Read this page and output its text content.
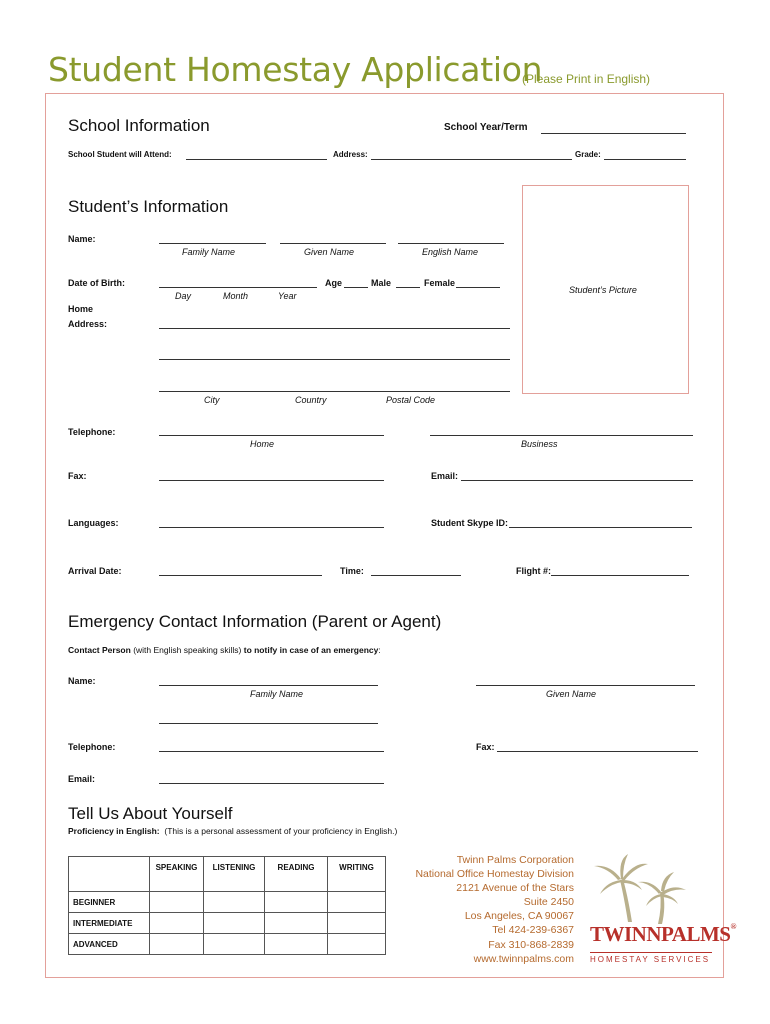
Student Homestay Application
(Please Print in English)
School Information	School Year/Term
School Student will Attend:	Address:	Grade:
Student’s Information
Name:
Family Name	Given Name	English Name
Date of Birth:	Age	Male	Female
Day	Month	Year
Home
Address:
City	Country	Postal Code
Student’s Picture
Telephone:
Home	Business
Fax:	Email:
Languages:	Student Skype ID:
Arrival Date:	Time:	Flight #:
Emergency Contact Information (Parent or Agent)
Contact Person (with English speaking skills) to notify in case of an emergency:
Name:
Family Name	Given Name
Telephone:	Fax:
Email:
Tell Us About Yourself
Proficiency in English: (This is a personal assessment of your proficiency in English.)
	SPEAKING	LISTENING	READING	WRITING
BEGINNER				
INTERMEDIATE				
ADVANCED				
Twinn Palms Corporation
National Office Homestay Division
2121 Avenue of the Stars
Suite 2450
Los Angeles, CA 90067
Tel 424-239-6367
Fax 310-868-2839
www.twinnpalms.com
TWINNPALMS®
HOMESTAY SERVICES
